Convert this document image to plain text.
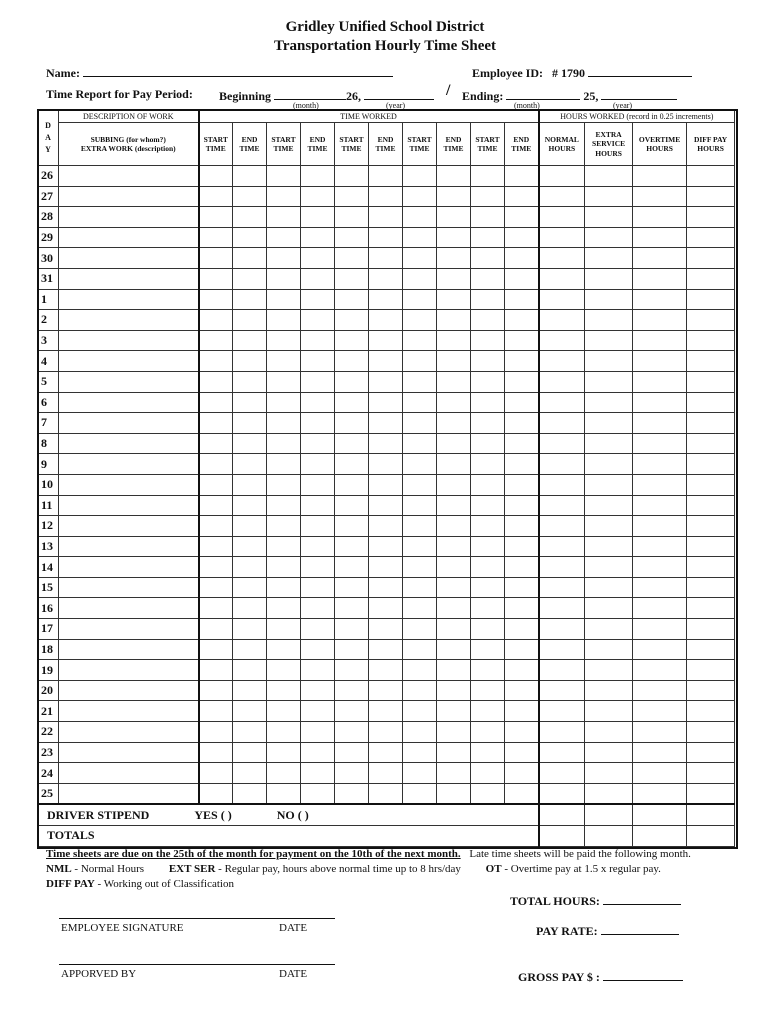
Gridley Unified School District
Transportation Hourly Time Sheet
Name:	Employee ID: # 1790
Time Report for Pay Period: Beginning	26,	/ Ending:	25,
(month)	(year)	(month)	(year)
D
A
Y	DESCRIPTION OF WORK	TIME WORKED										HOURS WORKED (record in 0.25 increments)			

	SUBBING (for whom?)
EXTRA WORK (description)	START TIME	END TIME	START TIME	END TIME	START TIME	END TIME	START TIME	END TIME	START TIME	END TIME	NORMAL HOURS	EXTRA SERVICE HOURS	OVERTIME HOURS	DIFF PAY HOURS
26															
27															
28															
29															
30															
31															
1															
2															
3															
4															
5															
6															
7															
8															
9															
10															
11															
12															
13															
14															
15															
16															
17															
18															
19															
20															
21															
22															
23															
24															
25															
DRIVER STIPEND YES ( ) NO ( )															
TOTALS															
Time sheets are due on the 25th of the month for payment on the 10th of the next month. Late time sheets will be paid the following month.
NML - Normal Hours EXT SER - Regular pay, hours above normal time up to 8 hrs/day OT - Overtime pay at 1.5 x regular pay.
DIFF PAY - Working out of Classification
TOTAL HOURS:
PAY RATE:
GROSS PAY $ :
EMPLOYEE SIGNATURE	DATE
APPORVED BY	DATE
